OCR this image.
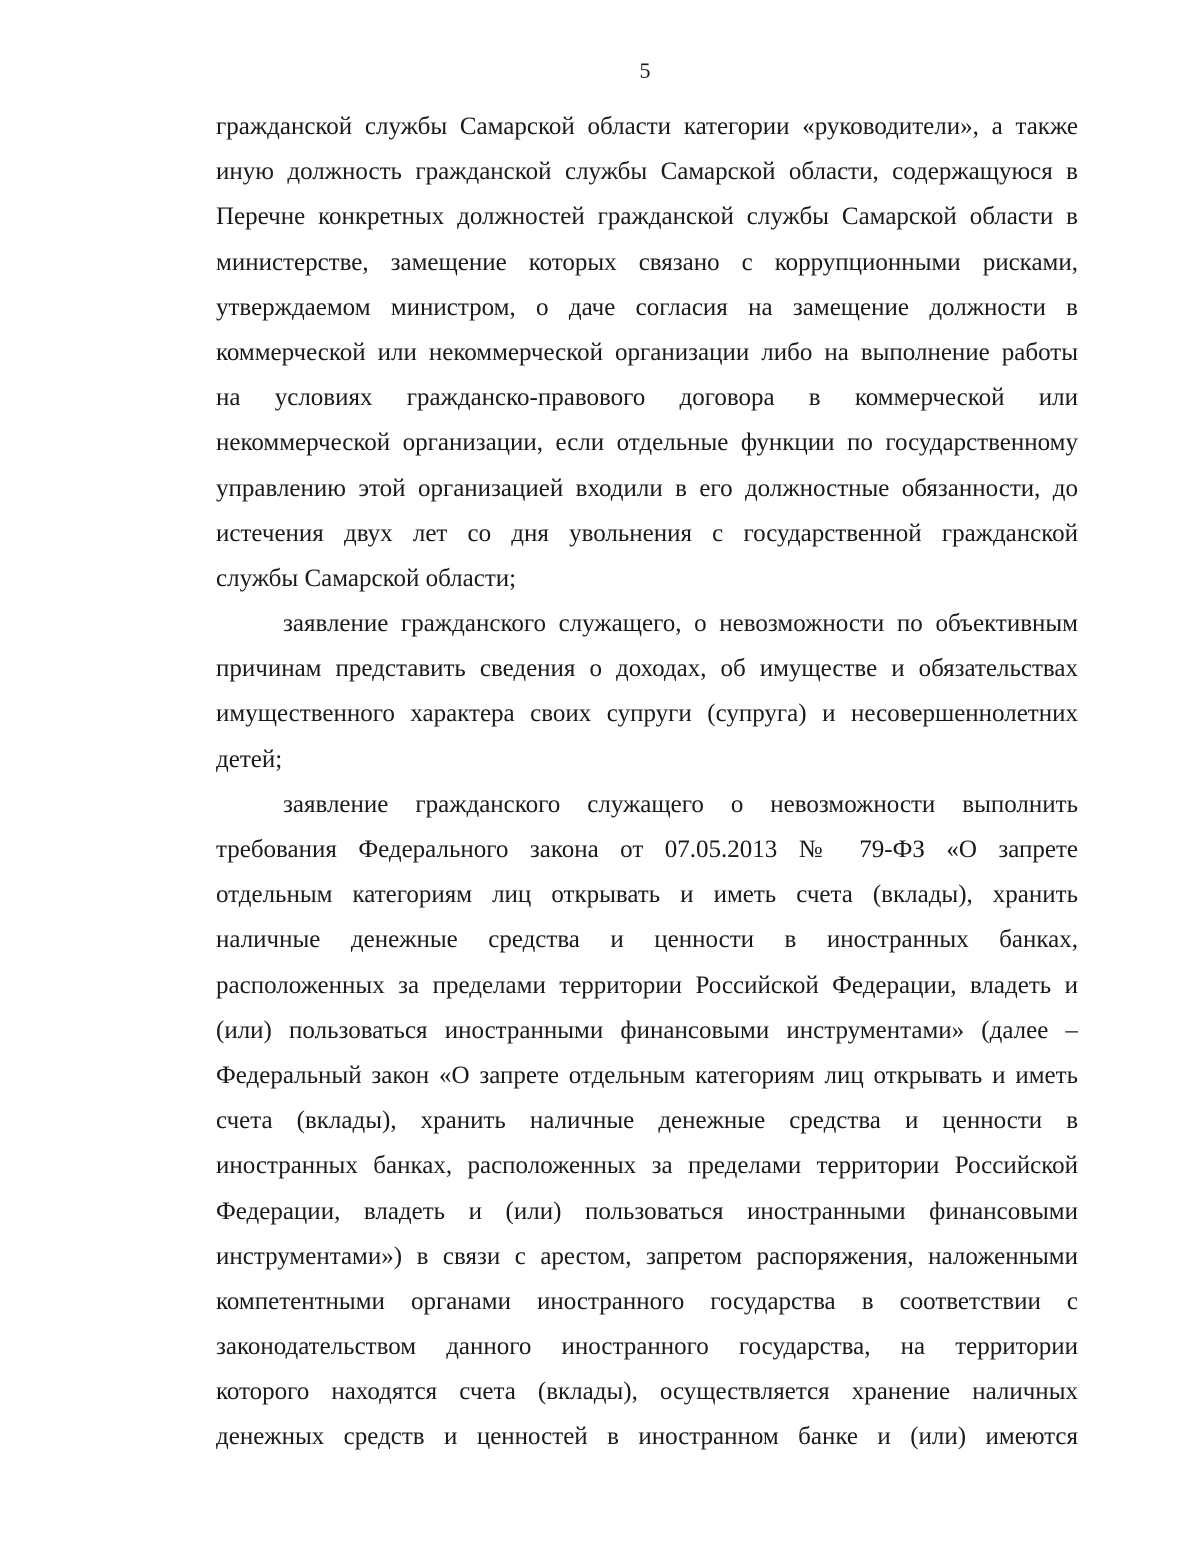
5
гражданской службы Самарской области категории «руководители», а также
иную должность гражданской службы Самарской области, содержащуюся в
Перечне конкретных должностей гражданской службы Самарской области в
министерстве, замещение которых связано с коррупционными рисками,
утверждаемом министром, о даче согласия на замещение должности в
коммерческой или некоммерческой организации либо на выполнение работы
на условиях гражданско-правового договора в коммерческой или
некоммерческой организации, если отдельные функции по государственному
управлению этой организацией входили в его должностные обязанности, до
истечения двух лет со дня увольнения с государственной гражданской
службы Самарской области;
заявление гражданского служащего, о невозможности по объективным
причинам представить сведения о доходах, об имуществе и обязательствах
имущественного характера своих супруги (супруга) и несовершеннолетних
детей;
заявление гражданского служащего о невозможности выполнить
требования Федерального закона от 07.05.2013 № 79-ФЗ «О запрете
отдельным категориям лиц открывать и иметь счета (вклады), хранить
наличные денежные средства и ценности в иностранных банках,
расположенных за пределами территории Российской Федерации, владеть и
(или) пользоваться иностранными финансовыми инструментами» (далее –
Федеральный закон «О запрете отдельным категориям лиц открывать и иметь
счета (вклады), хранить наличные денежные средства и ценности в
иностранных банках, расположенных за пределами территории Российской
Федерации, владеть и (или) пользоваться иностранными финансовыми
инструментами») в связи с арестом, запретом распоряжения, наложенными
компетентными органами иностранного государства в соответствии с
законодательством данного иностранного государства, на территории
которого находятся счета (вклады), осуществляется хранение наличных
денежных средств и ценностей в иностранном банке и (или) имеются
